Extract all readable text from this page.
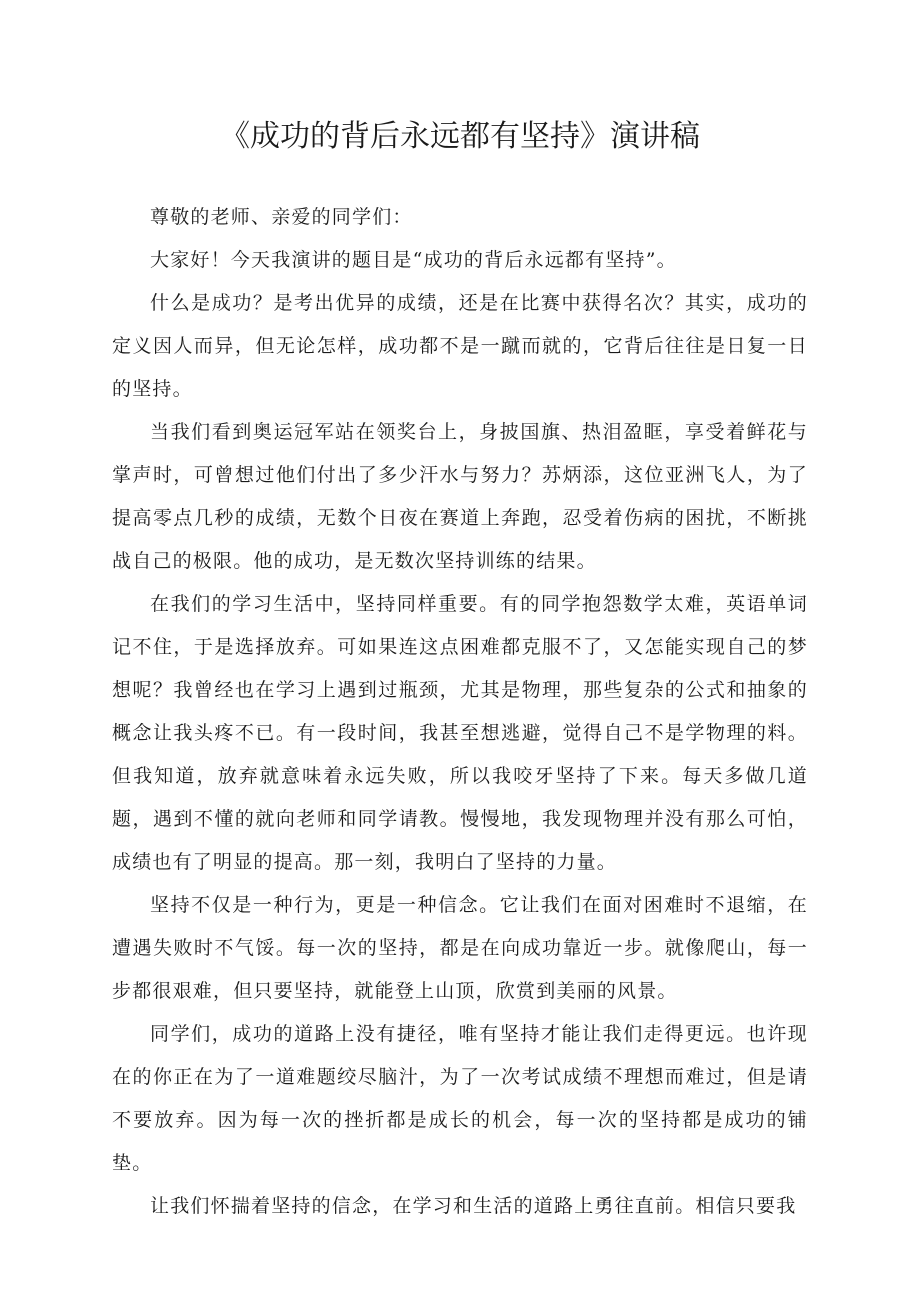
《成功的背后永远都有坚持》演讲稿

尊敬的老师、亲爱的同学们：

大家好！今天我演讲的题目是“成功的背后永远都有坚持”。

什么是成功？是考出优异的成绩，还是在比赛中获得名次？其实，成功的定义因人而异，但无论怎样，成功都不是一蹴而就的，它背后往往是日复一日的坚持。

当我们看到奥运冠军站在领奖台上，身披国旗、热泪盈眶，享受着鲜花与掌声时，可曾想过他们付出了多少汗水与努力？苏炳添，这位亚洲飞人，为了提高零点几秒的成绩，无数个日夜在赛道上奔跑，忍受着伤病的困扰，不断挑战自己的极限。他的成功，是无数次坚持训练的结果。

在我们的学习生活中，坚持同样重要。有的同学抱怨数学太难，英语单词记不住，于是选择放弃。可如果连这点困难都克服不了，又怎能实现自己的梦想呢？我曾经也在学习上遇到过瓶颈，尤其是物理，那些复杂的公式和抽象的概念让我头疼不已。有一段时间，我甚至想逃避，觉得自己不是学物理的料。但我知道，放弃就意味着永远失败，所以我咬牙坚持了下来。每天多做几道题，遇到不懂的就向老师和同学请教。慢慢地，我发现物理并没有那么可怕，成绩也有了明显的提高。那一刻，我明白了坚持的力量。

坚持不仅是一种行为，更是一种信念。它让我们在面对困难时不退缩，在遭遇失败时不气馁。每一次的坚持，都是在向成功靠近一步。就像爬山，每一步都很艰难，但只要坚持，就能登上山顶，欣赏到美丽的风景。

同学们，成功的道路上没有捷径，唯有坚持才能让我们走得更远。也许现在的你正在为了一道难题绞尽脑汁，为了一次考试成绩不理想而难过，但是请不要放弃。因为每一次的挫折都是成长的机会，每一次的坚持都是成功的铺垫。

让我们怀揣着坚持的信念，在学习和生活的道路上勇往直前。相信只要我
